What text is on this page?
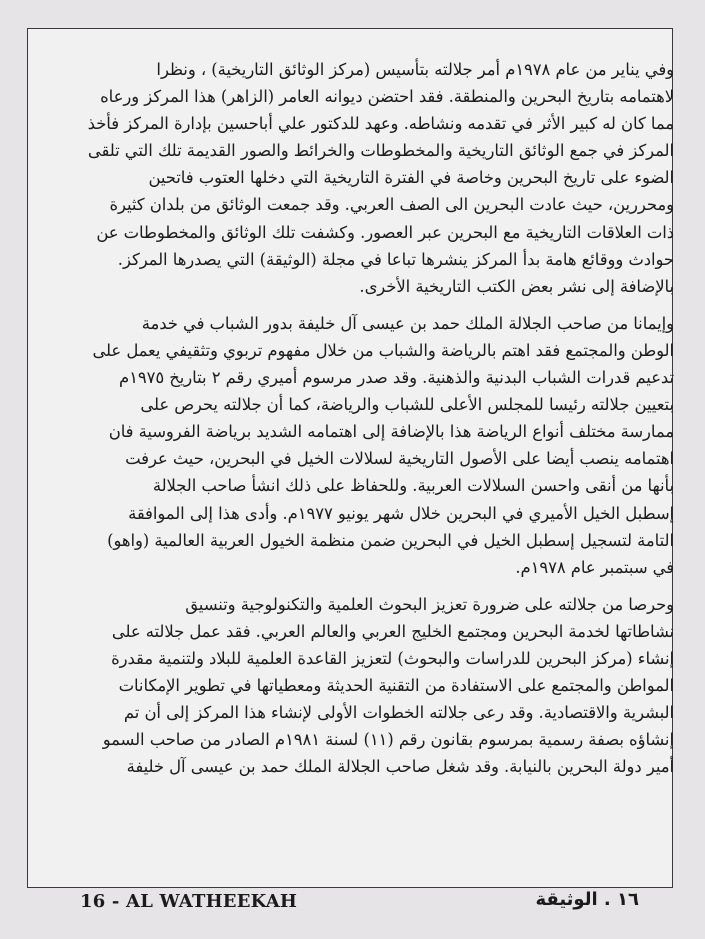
وفي يناير من عام ١٩٧٨م أمر جلالته بتأسيس (مركز الوثائق التاريخية) ، ونظرا
لاهتمامه بتاريخ البحرين والمنطقة. فقد احتضن ديوانه العامر (الزاهر) هذا المركز ورعاه
مما كان له كبير الأثر في تقدمه ونشاطه. وعهد للدكتور علي أباحسين بإدارة المركز فأخذ
المركز في جمع الوثائق التاريخية والمخطوطات والخرائط والصور القديمة تلك التي تلقى
الضوء على تاريخ البحرين وخاصة في الفترة التاريخية التي دخلها العتوب فاتحين
ومحررين، حيث عادت البحرين الى الصف العربي. وقد جمعت الوثائق من بلدان كثيرة
ذات العلاقات التاريخية مع البحرين عبر العصور. وكشفت تلك الوثائق والمخطوطات عن
حوادث ووقائع هامة بدأ المركز ينشرها تباعا في مجلة (الوثيقة) التي يصدرها المركز.
بالإضافة إلى نشر بعض الكتب التاريخية الأخرى.

وإيمانا من صاحب الجلالة الملك حمد بن عيسى آل خليفة بدور الشباب في خدمة
الوطن والمجتمع فقد اهتم بالرياضة والشباب من خلال مفهوم تربوي وتثقيفي يعمل على
تدعيم قدرات الشباب البدنية والذهنية. وقد صدر مرسوم أميري رقم ٢ بتاريخ ١٩٧٥م
بتعيين جلالته رئيسا للمجلس الأعلى للشباب والرياضة، كما أن جلالته يحرص على
ممارسة مختلف أنواع الرياضة هذا بالإضافة إلى اهتمامه الشديد برياضة الفروسية فان
اهتمامه ينصب أيضا على الأصول التاريخية لسلالات الخيل في البحرين، حيث عرفت
بأنها من أنقى واحسن السلالات العربية. وللحفاظ على ذلك انشأ صاحب الجلالة
إسطبل الخيل الأميري في البحرين خلال شهر يونيو ١٩٧٧م. وأدى هذا إلى الموافقة
التامة لتسجيل إسطبل الخيل في البحرين ضمن منظمة الخيول العربية العالمية (واهو)
في سبتمبر عام ١٩٧٨م.

وحرصا من جلالته على ضرورة تعزيز البحوث العلمية والتكنولوجية وتنسيق
نشاطاتها لخدمة البحرين ومجتمع الخليج العربي والعالم العربي. فقد عمل جلالته على
إنشاء (مركز البحرين للدراسات والبحوث) لتعزيز القاعدة العلمية للبلاد ولتنمية مقدرة
المواطن والمجتمع على الاستفادة من التقنية الحديثة ومعطياتها في تطوير الإمكانات
البشرية والاقتصادية. وقد رعى جلالته الخطوات الأولى لإنشاء هذا المركز إلى أن تم
إنشاؤه بصفة رسمية بمرسوم بقانون رقم (١١) لسنة ١٩٨١م الصادر من صاحب السمو
أمير دولة البحرين بالنيابة. وقد شغل صاحب الجلالة الملك حمد بن عيسى آل خليفة

16 - AL WATHEEKAH	١٦ . الوثيقة
